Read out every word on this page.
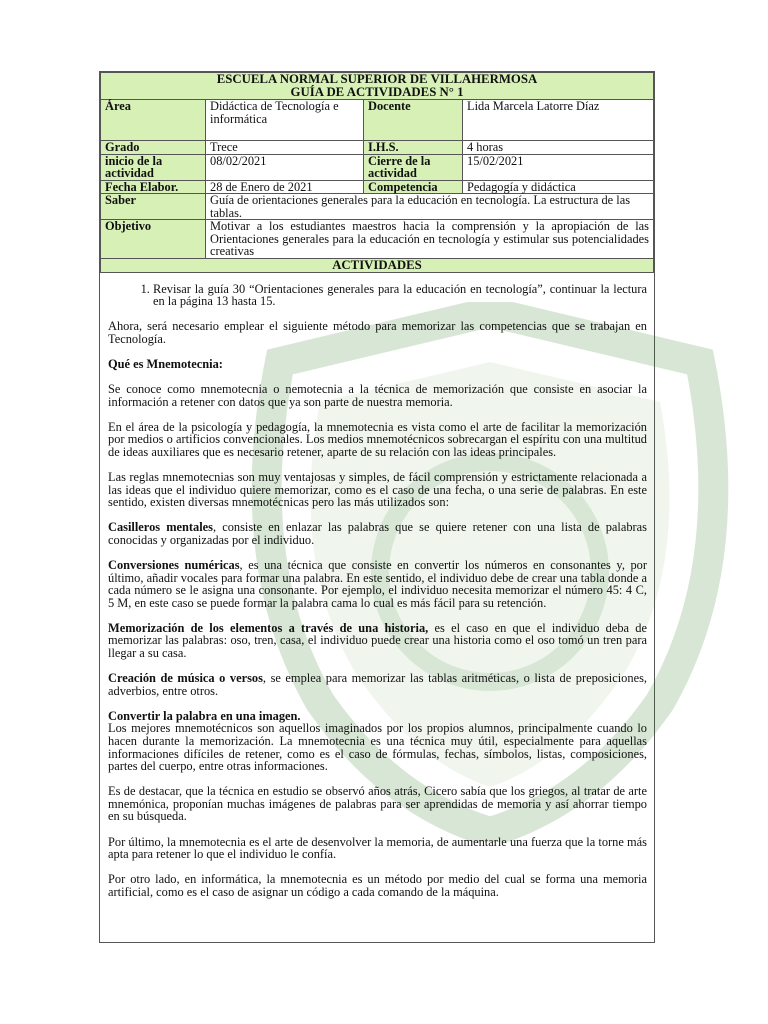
ESCUELA NORMAL SUPERIOR DE VILLAHERMOSA
GUÍA DE ACTIVIDADES N° 1			

Área	Didáctica de Tecnología e informática	Docente	Lida Marcela Latorre Díaz
Grado	Trece	I.H.S.	4 horas
inicio de la actividad	08/02/2021	Cierre de la actividad	15/02/2021
Fecha Elabor.	28 de Enero de 2021	Competencia	Pedagogía y didáctica
Saber	Guía de orientaciones generales para la educación en tecnología. La estructura de las tablas.		
Objetivo	Motivar a los estudiantes maestros hacia la comprensión y la apropiación de las Orientaciones generales para la educación en tecnología y estimular sus potencialidades creativas		
ACTIVIDADES			
1. Revisar la guía 30 “Orientaciones generales para la educación en tecnología”, continuar la lectura en la página 13 hasta 15.

Ahora, será necesario emplear el siguiente método para memorizar las competencias que se trabajan en Tecnología.

Qué es Mnemotecnia:

Se conoce como mnemotecnia o nemotecnia a la técnica de memorización que consiste en asociar la información a retener con datos que ya son parte de nuestra memoria.

En el área de la psicología y pedagogía, la mnemotecnia es vista como el arte de facilitar la memorización por medios o artificios convencionales. Los medios mnemotécnicos sobrecargan el espíritu con una multitud de ideas auxiliares que es necesario retener, aparte de su relación con las ideas principales.

Las reglas mnemotecnias son muy ventajosas y simples, de fácil comprensión y estrictamente relacionada a las ideas que el individuo quiere memorizar, como es el caso de una fecha, o una serie de palabras. En este sentido, existen diversas mnemotécnicas pero las más utilizados son:

Casilleros mentales, consiste en enlazar las palabras que se quiere retener con una lista de palabras conocidas y organizadas por el individuo.

Conversiones numéricas, es una técnica que consiste en convertir los números en consonantes y, por último, añadir vocales para formar una palabra. En este sentido, el individuo debe de crear una tabla donde a cada número se le asigna una consonante. Por ejemplo, el individuo necesita memorizar el número 45: 4 C, 5 M, en este caso se puede formar la palabra cama lo cual es más fácil para su retención.

Memorización de los elementos a través de una historia, es el caso en que el individuo deba de memorizar las palabras: oso, tren, casa, el individuo puede crear una historia como el oso tomó un tren para llegar a su casa.

Creación de música o versos, se emplea para memorizar las tablas aritméticas, o lista de preposiciones, adverbios, entre otros.

Convertir la palabra en una imagen.
Los mejores mnemotécnicos son aquellos imaginados por los propios alumnos, principalmente cuando lo hacen durante la memorización. La mnemotecnia es una técnica muy útil, especialmente para aquellas informaciones difíciles de retener, como es el caso de fórmulas, fechas, símbolos, listas, composiciones, partes del cuerpo, entre otras informaciones.

Es de destacar, que la técnica en estudio se observó años atrás, Cicero sabía que los griegos, al tratar de arte mnemónica, proponían muchas imágenes de palabras para ser aprendidas de memoria y así ahorrar tiempo en su búsqueda.

Por último, la mnemotecnia es el arte de desenvolver la memoria, de aumentarle una fuerza que la torne más apta para retener lo que el individuo le confía.

Por otro lado, en informática, la mnemotecnia es un método por medio del cual se forma una memoria artificial, como es el caso de asignar un código a cada comando de la máquina.
